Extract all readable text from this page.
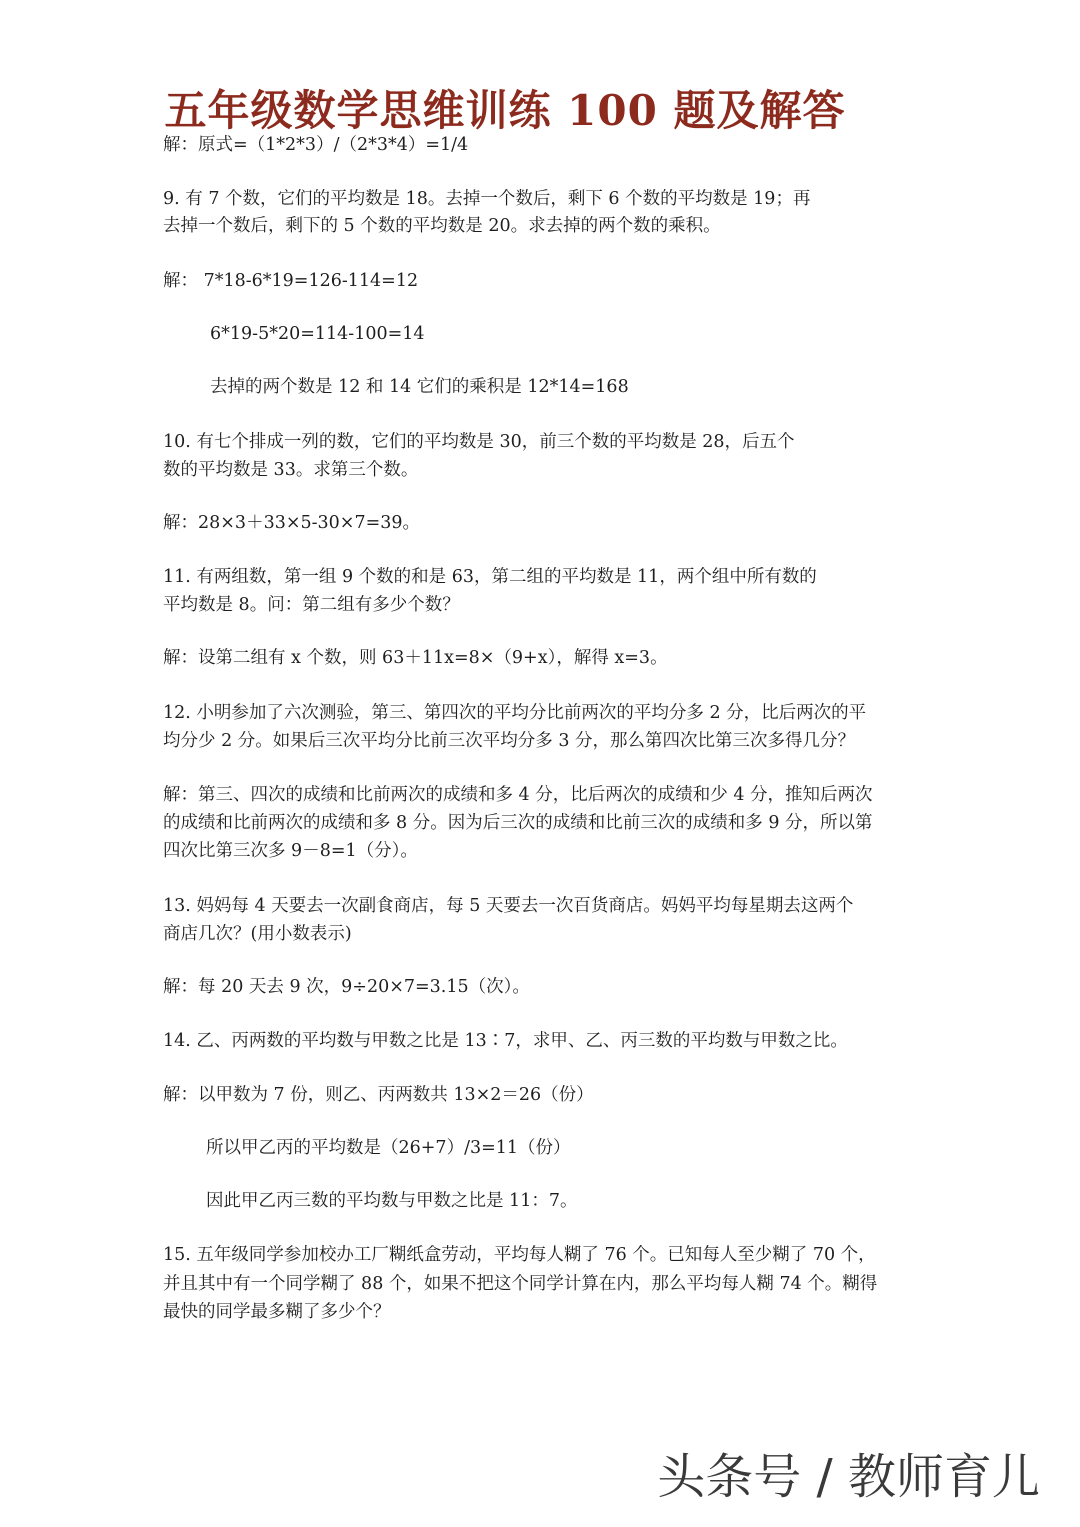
五年级数学思维训练 100 题及解答
解：原式=（1*2*3）/（2*3*4）=1/4
9. 有 7 个数，它们的平均数是 18。去掉一个数后，剩下 6 个数的平均数是 19；再
去掉一个数后，剩下的 5 个数的平均数是 20。求去掉的两个数的乘积。
解： 7*18-6*19=126-114=12
6*19-5*20=114-100=14
去掉的两个数是 12 和 14 它们的乘积是 12*14=168
10. 有七个排成一列的数，它们的平均数是 30，前三个数的平均数是 28，后五个
数的平均数是 33。求第三个数。
解：28×3＋33×5-30×7=39。
11. 有两组数，第一组 9 个数的和是 63，第二组的平均数是 11，两个组中所有数的
平均数是 8。问：第二组有多少个数？
解：设第二组有 x 个数，则 63＋11x=8×（9+x），解得 x=3。
12. 小明参加了六次测验，第三、第四次的平均分比前两次的平均分多 2 分，比后两次的平
均分少 2 分。如果后三次平均分比前三次平均分多 3 分，那么第四次比第三次多得几分？
解：第三、四次的成绩和比前两次的成绩和多 4 分，比后两次的成绩和少 4 分，推知后两次
的成绩和比前两次的成绩和多 8 分。因为后三次的成绩和比前三次的成绩和多 9 分，所以第
四次比第三次多 9－8=1（分）。
13. 妈妈每 4 天要去一次副食商店，每 5 天要去一次百货商店。妈妈平均每星期去这两个
商店几次？(用小数表示)
解：每 20 天去 9 次，9÷20×7=3.15（次）。
14. 乙、丙两数的平均数与甲数之比是 13∶7，求甲、乙、丙三数的平均数与甲数之比。
解：以甲数为 7 份，则乙、丙两数共 13×2＝26（份）
所以甲乙丙的平均数是（26+7）/3=11（份）
因此甲乙丙三数的平均数与甲数之比是 11：7。
15. 五年级同学参加校办工厂糊纸盒劳动，平均每人糊了 76 个。已知每人至少糊了 70 个，
并且其中有一个同学糊了 88 个，如果不把这个同学计算在内，那么平均每人糊 74 个。糊得
最快的同学最多糊了多少个？
头条号 / 教师育儿
